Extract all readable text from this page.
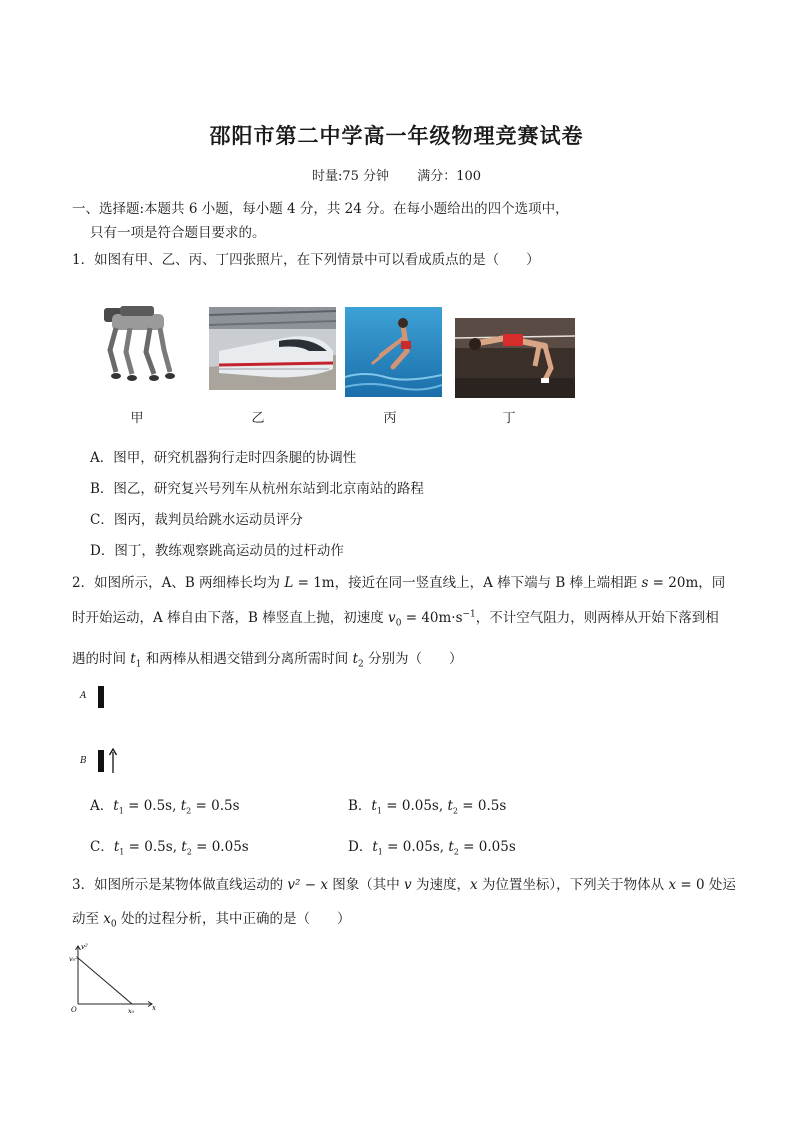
邵阳市第二中学高一年级物理竞赛试卷
时量:75 分钟 满分：100
一、选择题:本题共 6 小题，每小题 4 分，共 24 分。在每小题给出的四个选项中，
只有一项是符合题目要求的。
1．如图有甲、乙、丙、丁四张照片，在下列情景中可以看成质点的是（　　）
甲	乙	丙	丁
A．图甲，研究机器狗行走时四条腿的协调性
B．图乙，研究复兴号列车从杭州东站到北京南站的路程
C．图丙，裁判员给跳水运动员评分
D．图丁，教练观察跳高运动员的过杆动作
2．如图所示，A、B 两细棒长均为 L = 1m，接近在同一竖直线上，A 棒下端与 B 棒上端相距 s = 20m，同
时开始运动，A 棒自由下落，B 棒竖直上抛，初速度 $v_0 = 40m\cdot s^{-1}$，不计空气阻力，则两棒从开始下落到相
遇的时间 $t_1$ 和两棒从相遇交错到分离所需时间 $t_2$ 分别为（　　）
A
B
A．$t_1 = 0.5s$, $t_2 = 0.5s$	B．$t_1 = 0.05s$, $t_2 = 0.5s$
C．$t_1 = 0.5s$, $t_2 = 0.05s$	D．$t_1 = 0.05s$, $t_2 = 0.05s$
3．如图所示是某物体做直线运动的 v² − x 图象（其中 v 为速度，x 为位置坐标），下列关于物体从 x = 0 处运
动至 $x_0$ 处的过程分析，其中正确的是（　　）
v²
v₀²
O	x₀	x
